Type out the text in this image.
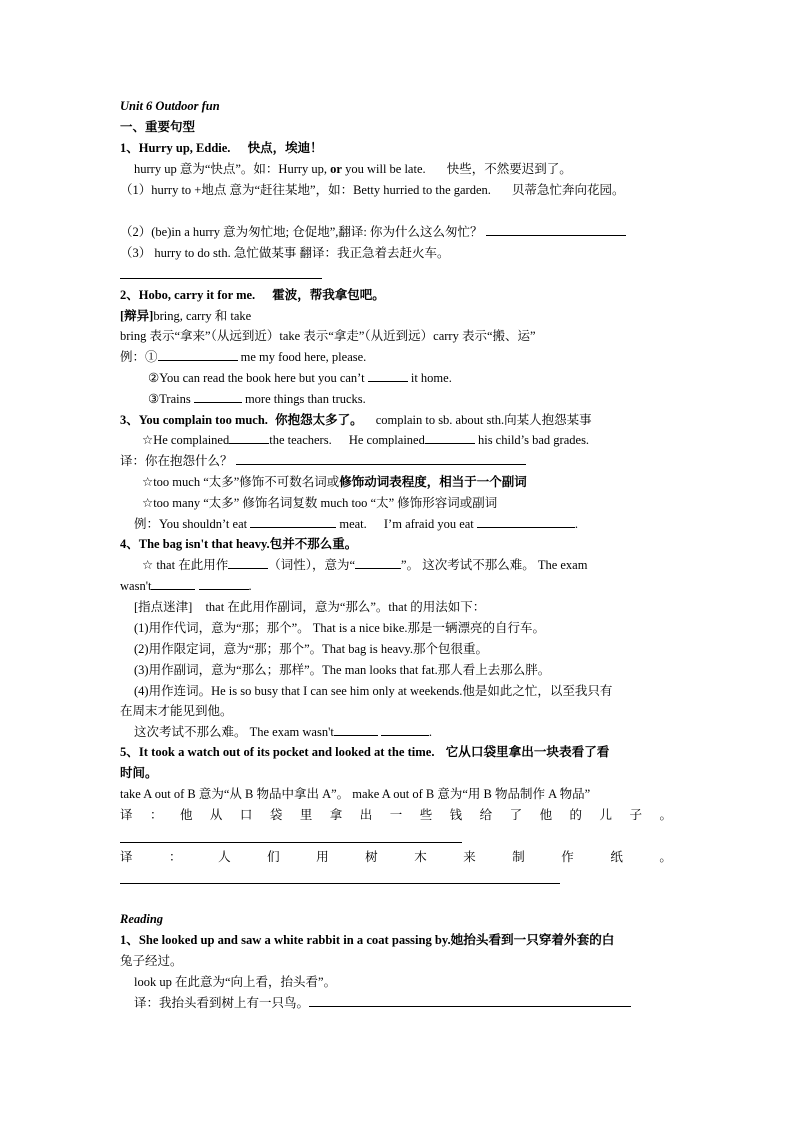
Unit 6 Outdoor fun
一、重要句型
1、Hurry up, Eddie. 快点，埃迪！
hurry up 意为“快点”。如：Hurry up, or you will be late. 快些，不然要迟到了。
（1）hurry to +地点 意为“赶往某地”，如：Betty hurried to the garden. 贝蒂急忙奔向花园。
（2）(be)in a hurry 意为匆忙地; 仓促地”,翻译: 你为什么这么匆忙？
（3） hurry to do sth. 急忙做某事 翻译：我正急着去赶火车。
2、Hobo, carry it for me. 霍波，帮我拿包吧。
[辩异]bring, carry 和 take
bring 表示“拿来”（从远到近）take 表示“拿走”（从近到远）carry 表示“搬、运”
例：①	me my food here, please.
②You can read the book here but you can’t	it home.
③Trains	more things than trucks.
3、You complain too much. 你抱怨太多了。 complain to sb. about sth.向某人抱怨某事
☆He complained	the teachers. He complained	his child’s bad grades.
译：你在抱怨什么？
☆too much “太多”修饰不可数名词或修饰动词表程度，相当于一个副词
☆too many “太多” 修饰名词复数 much too “太” 修饰形容词或副词
例：You shouldn’t eat	meat. I’m afraid you eat	.
4、The bag isn't that heavy.包并不那么重。
☆ that 在此用作	（词性），意为“	”。 这次考试不那么难。 The exam
wasn't	.
[指点迷津] that 在此用作副词，意为“那么”。that 的用法如下：
(1)用作代词，意为“那；那个”。 That is a nice bike.那是一辆漂亮的自行车。
(2)用作限定词，意为“那；那个”。That bag is heavy.那个包很重。
(3)用作副词，意为“那么；那样”。The man looks that fat.那人看上去那么胖。
(4)用作连词。He is so busy that I can see him only at weekends.他是如此之忙，以至我只有
在周末才能见到他。
这次考试不那么难。 The exam wasn't	.
5、It took a watch out of its pocket and looked at the time. 它从口袋里拿出一块表看了看
时间。
take A out of B 意为“从 B 物品中拿出 A”。 make A out of B 意为“用 B 物品制作 A 物品”
译 ： 他 从 口 袋 里 拿 出 一 些 钱 给 了 他 的 儿 子 。
译	：	人	们	用	树	木	来	制	作	纸	。
Reading
1、She looked up and saw a white rabbit in a coat passing by.她抬头看到一只穿着外套的白
兔子经过。
look up 在此意为“向上看，抬头看”。
译：我抬头看到树上有一只鸟。
